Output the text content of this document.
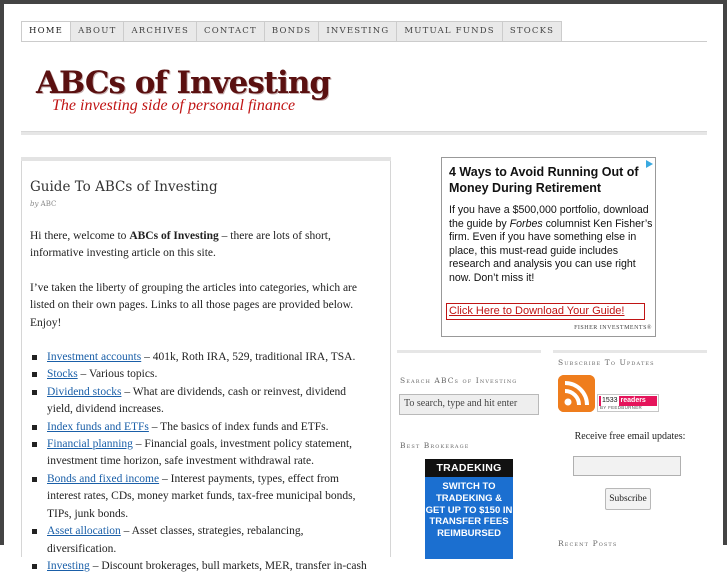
HOME	ABOUT	ARCHIVES	CONTACT	BONDS	INVESTING	MUTUAL FUNDS	STOCKS
ABCs of Investing
The investing side of personal finance
Guide To ABCs of Investing
by ABC

Hi there, welcome to ABCs of Investing – there are lots of short, informative investing article on this site.

I’ve taken the liberty of grouping the articles into categories, which are listed on their own pages. Links to all those pages are provided below. Enjoy!

Investment accounts – 401k, Roth IRA, 529, traditional IRA, TSA.
Stocks – Various topics.
Dividend stocks – What are dividends, cash or reinvest, dividend yield, dividend increases.
Index funds and ETFs – The basics of index funds and ETFs.
Financial planning – Financial goals, investment policy statement, investment time horizon, safe investment withdrawal rate.
Bonds and fixed income – Interest payments, types, effect from interest rates, CDs, money market funds, tax-free municipal bonds, TIPs, junk bonds.
Asset allocation – Asset classes, strategies, rebalancing, diversification.
Investing – Discount brokerages, bull markets, MER, transfer in-cash
4 Ways to Avoid Running Out of Money During Retirement
If you have a $500,000 portfolio, download the guide by Forbes columnist Ken Fisher’s firm. Even if you have something else in place, this must-read guide includes research and analysis you can use right now. Don’t miss it!
Click Here to Download Your Guide!
FISHER INVESTMENTS®
Search ABCs of Investing
To search, type and hit enter
Best Brokerage
TRADEKING
SWITCH TO TRADEKING & GET UP TO $150 IN TRANSFER FEES REIMBURSED
Subscribe To Updates
1533 readers
BY FEEDBURNER
Receive free email updates:
Subscribe
Recent Posts
